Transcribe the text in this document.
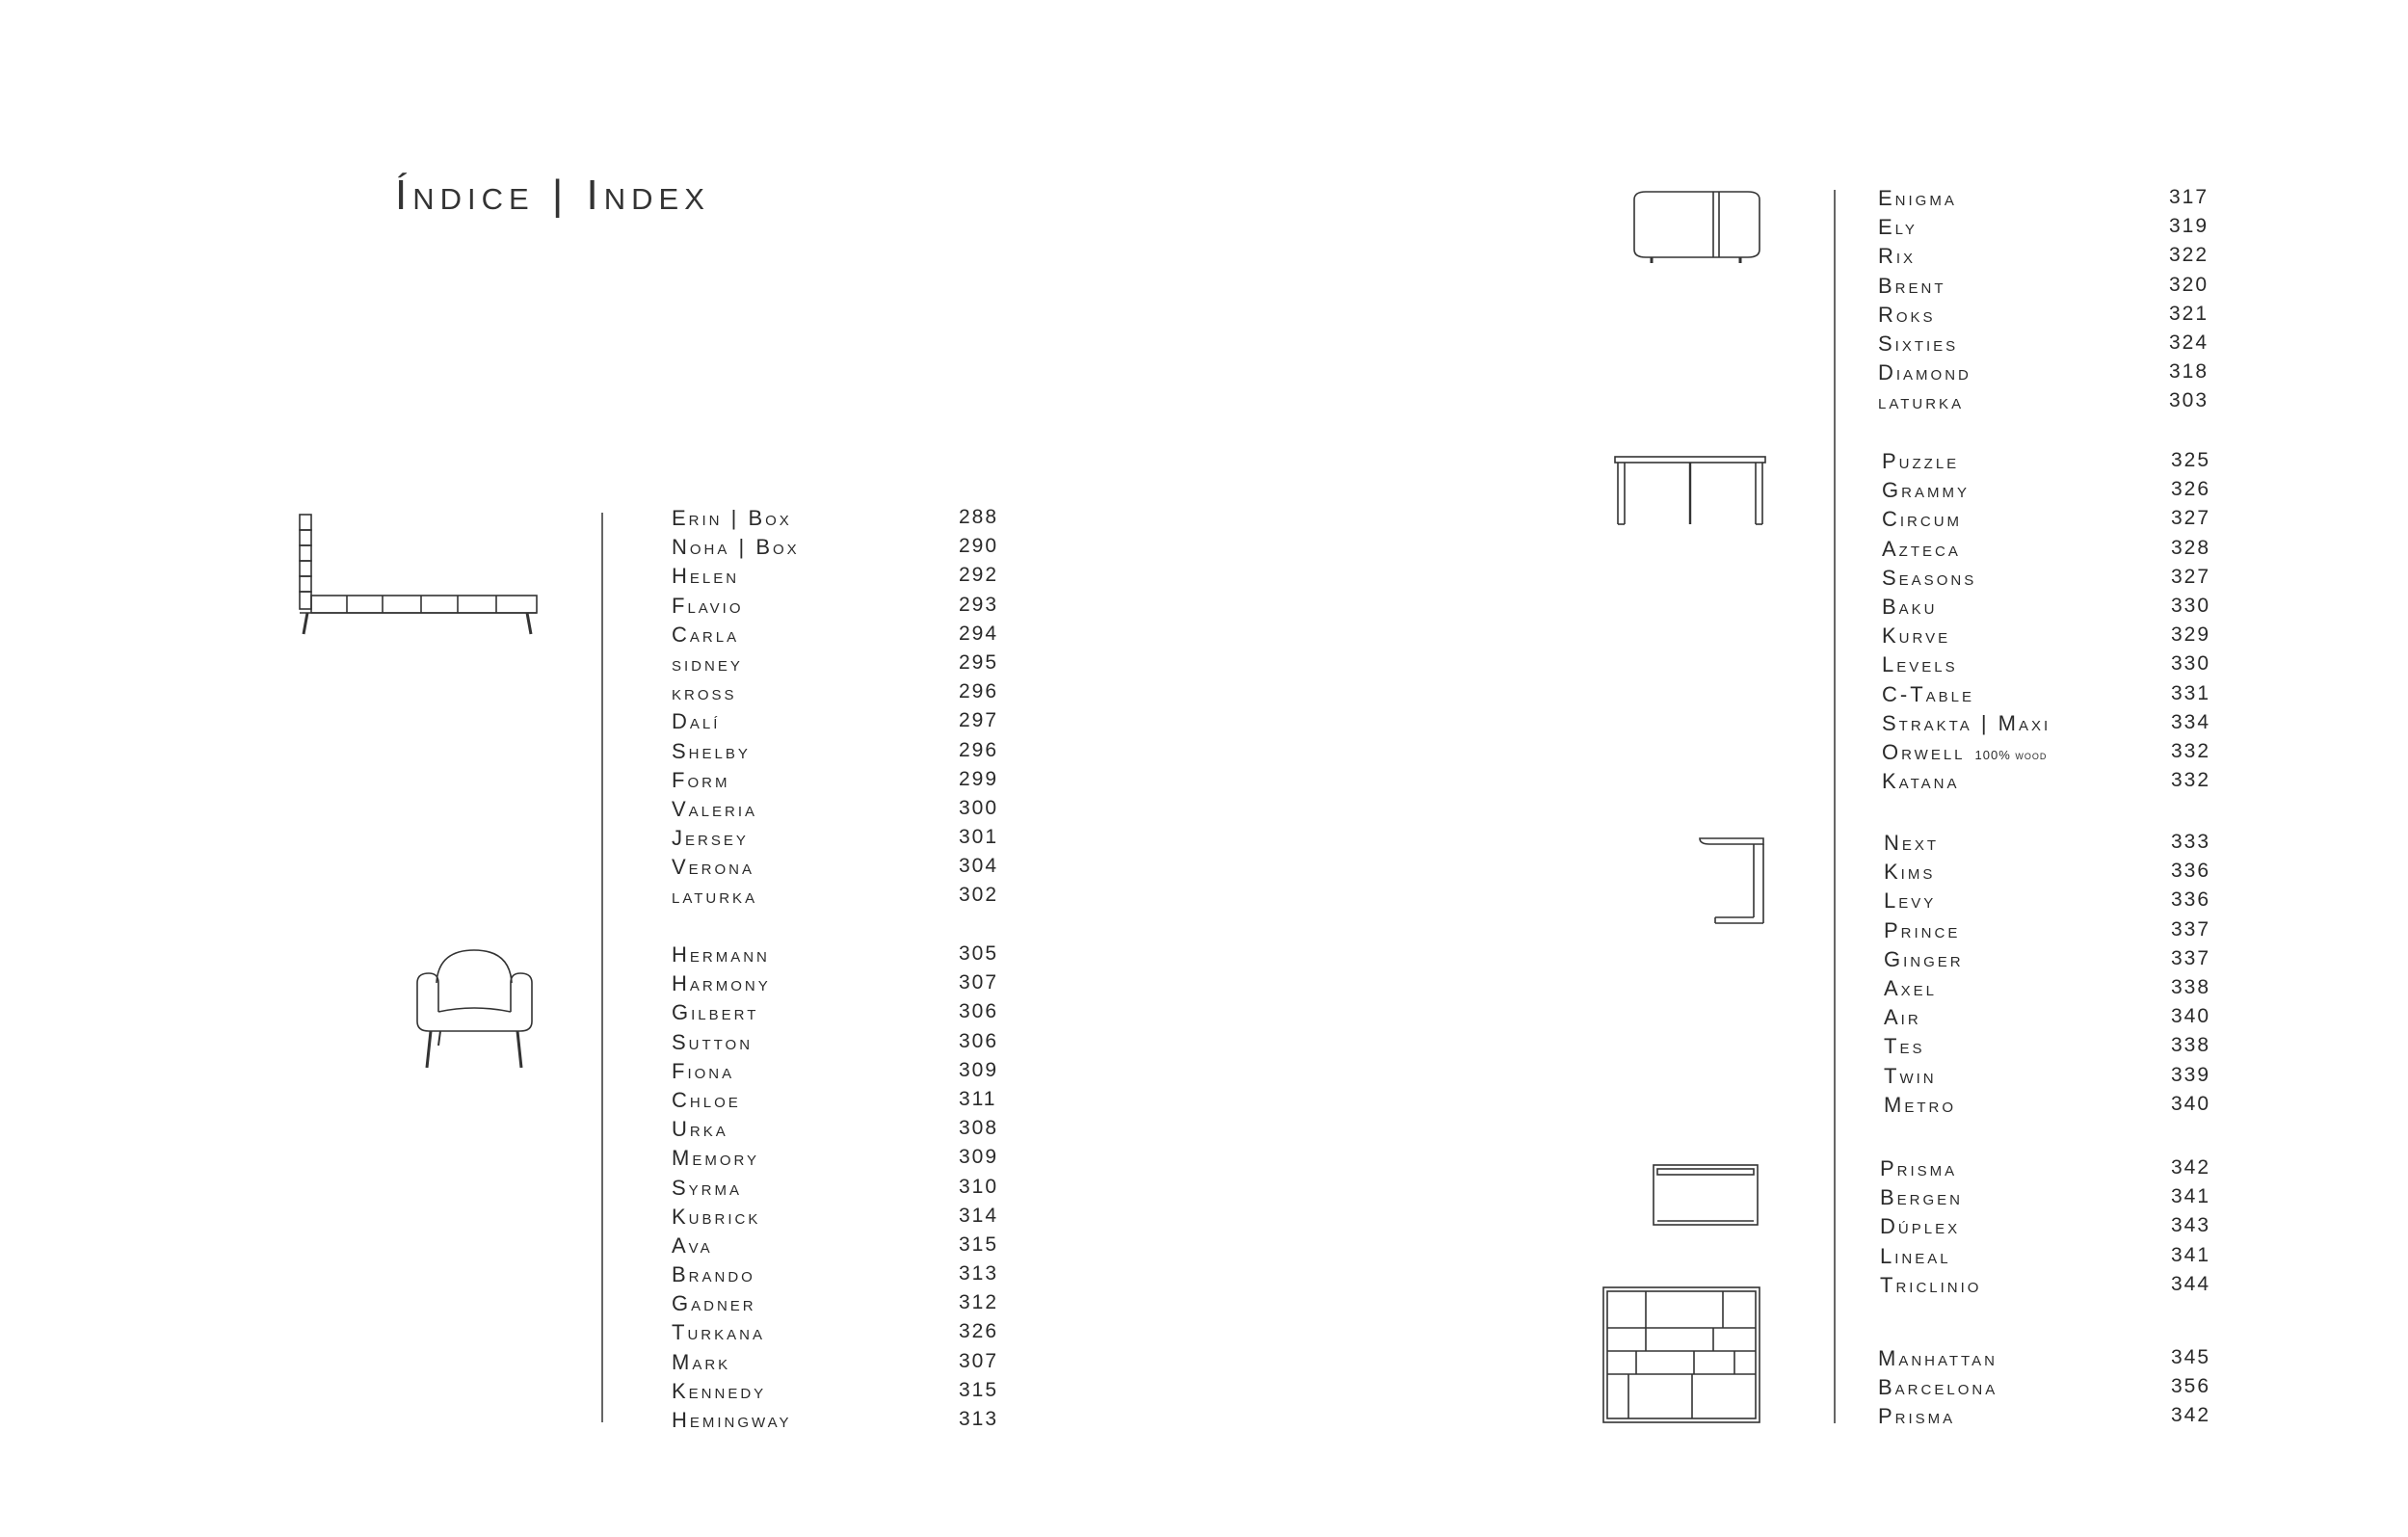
Índice | Index
Erin | Box	288
Noha | Box	290
Helen	292
Flavio	293
Carla	294
sidney	295
kross	296
Dalí	297
Shelby	296
Form	299
Valeria	300
Jersey	301
Verona	304
laturka	302
Hermann	305
Harmony	307
Gilbert	306
Sutton	306
Fiona	309
Chloe	311
Urka	308
Memory	309
Syrma	310
Kubrick	314
Ava	315
Brando	313
Gadner	312
Turkana	326
Mark	307
Kennedy	315
Hemingway	313
Enigma	317
Ely	319
Rix	322
Brent	320
Roks	321
Sixties	324
Diamond	318
laturka	303
Puzzle	325
Grammy	326
Circum	327
Azteca	328
Seasons	327
Baku	330
Kurve	329
Levels	330
C-Table	331
Strakta | Maxi	334
Orwell 100% wood	332
Katana	332
Next	333
Kims	336
Levy	336
Prince	337
Ginger	337
Axel	338
Air	340
Tes	338
Twin	339
Metro	340
Prisma	342
Bergen	341
Dúplex	343
Lineal	341
Triclinio	344
Manhattan	345
Barcelona	356
Prisma	342
